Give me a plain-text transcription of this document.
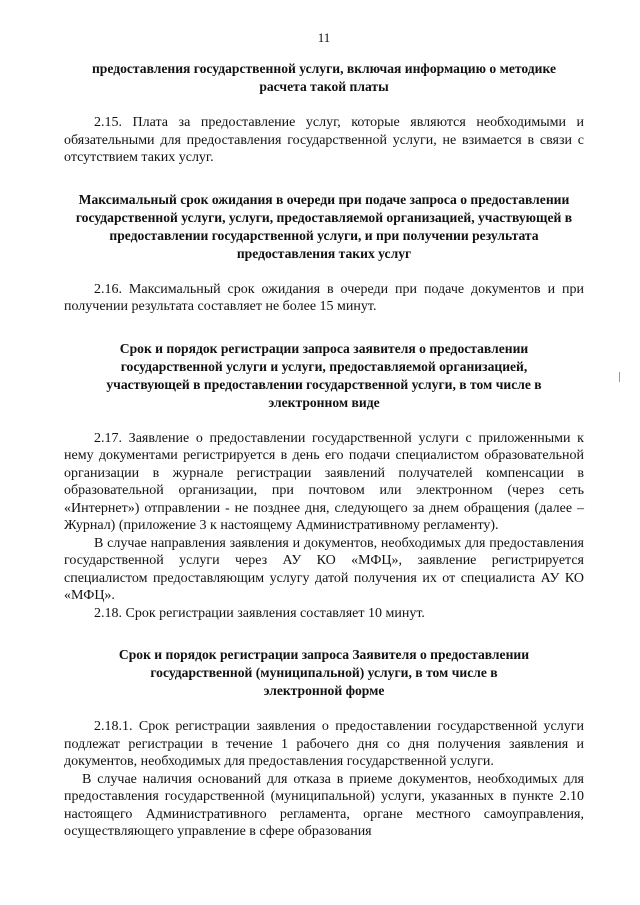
11

предоставления государственной услуги, включая информацию о методике расчета такой платы

2.15. Плата за предоставление услуг, которые являются необходимыми и обязательными для предоставления государственной услуги, не взимается в связи с отсутствием таких услуг.

Максимальный срок ожидания в очереди при подаче запроса о предоставлении государственной услуги, услуги, предоставляемой организацией, участвующей в предоставлении государственной услуги, и при получении результата предоставления таких услуг

2.16. Максимальный срок ожидания в очереди при подаче документов и при получении результата составляет не более 15 минут.

Срок и порядок регистрации запроса заявителя о предоставлении государственной услуги и услуги, предоставляемой организацией, участвующей в предоставлении государственной услуги, в том числе в электронном виде

2.17. Заявление о предоставлении государственной услуги с приложенными к нему документами регистрируется в день его подачи специалистом образовательной организации в журнале регистрации заявлений получателей компенсации в образовательной организации, при почтовом или электронном (через сеть «Интернет») отправлении - не позднее дня, следующего за днем обращения (далее – Журнал) (приложение 3 к настоящему Административному регламенту).

В случае направления заявления и документов, необходимых для предоставления государственной услуги через АУ КО «МФЦ», заявление регистрируется специалистом предоставляющим услугу датой получения их от специалиста АУ КО «МФЦ».

2.18. Срок регистрации заявления составляет 10 минут.

Срок и порядок регистрации запроса Заявителя о предоставлении государственной (муниципальной) услуги, в том числе в электронной форме

2.18.1. Срок регистрации заявления о предоставлении государственной услуги подлежат регистрации в течение 1 рабочего дня со дня получения заявления и документов, необходимых для предоставления государственной услуги.

В случае наличия оснований для отказа в приеме документов, необходимых для предоставления государственной (муниципальной) услуги, указанных в пункте 2.10 настоящего Административного регламента, органе местного самоуправления, осуществляющего управление в сфере образования
